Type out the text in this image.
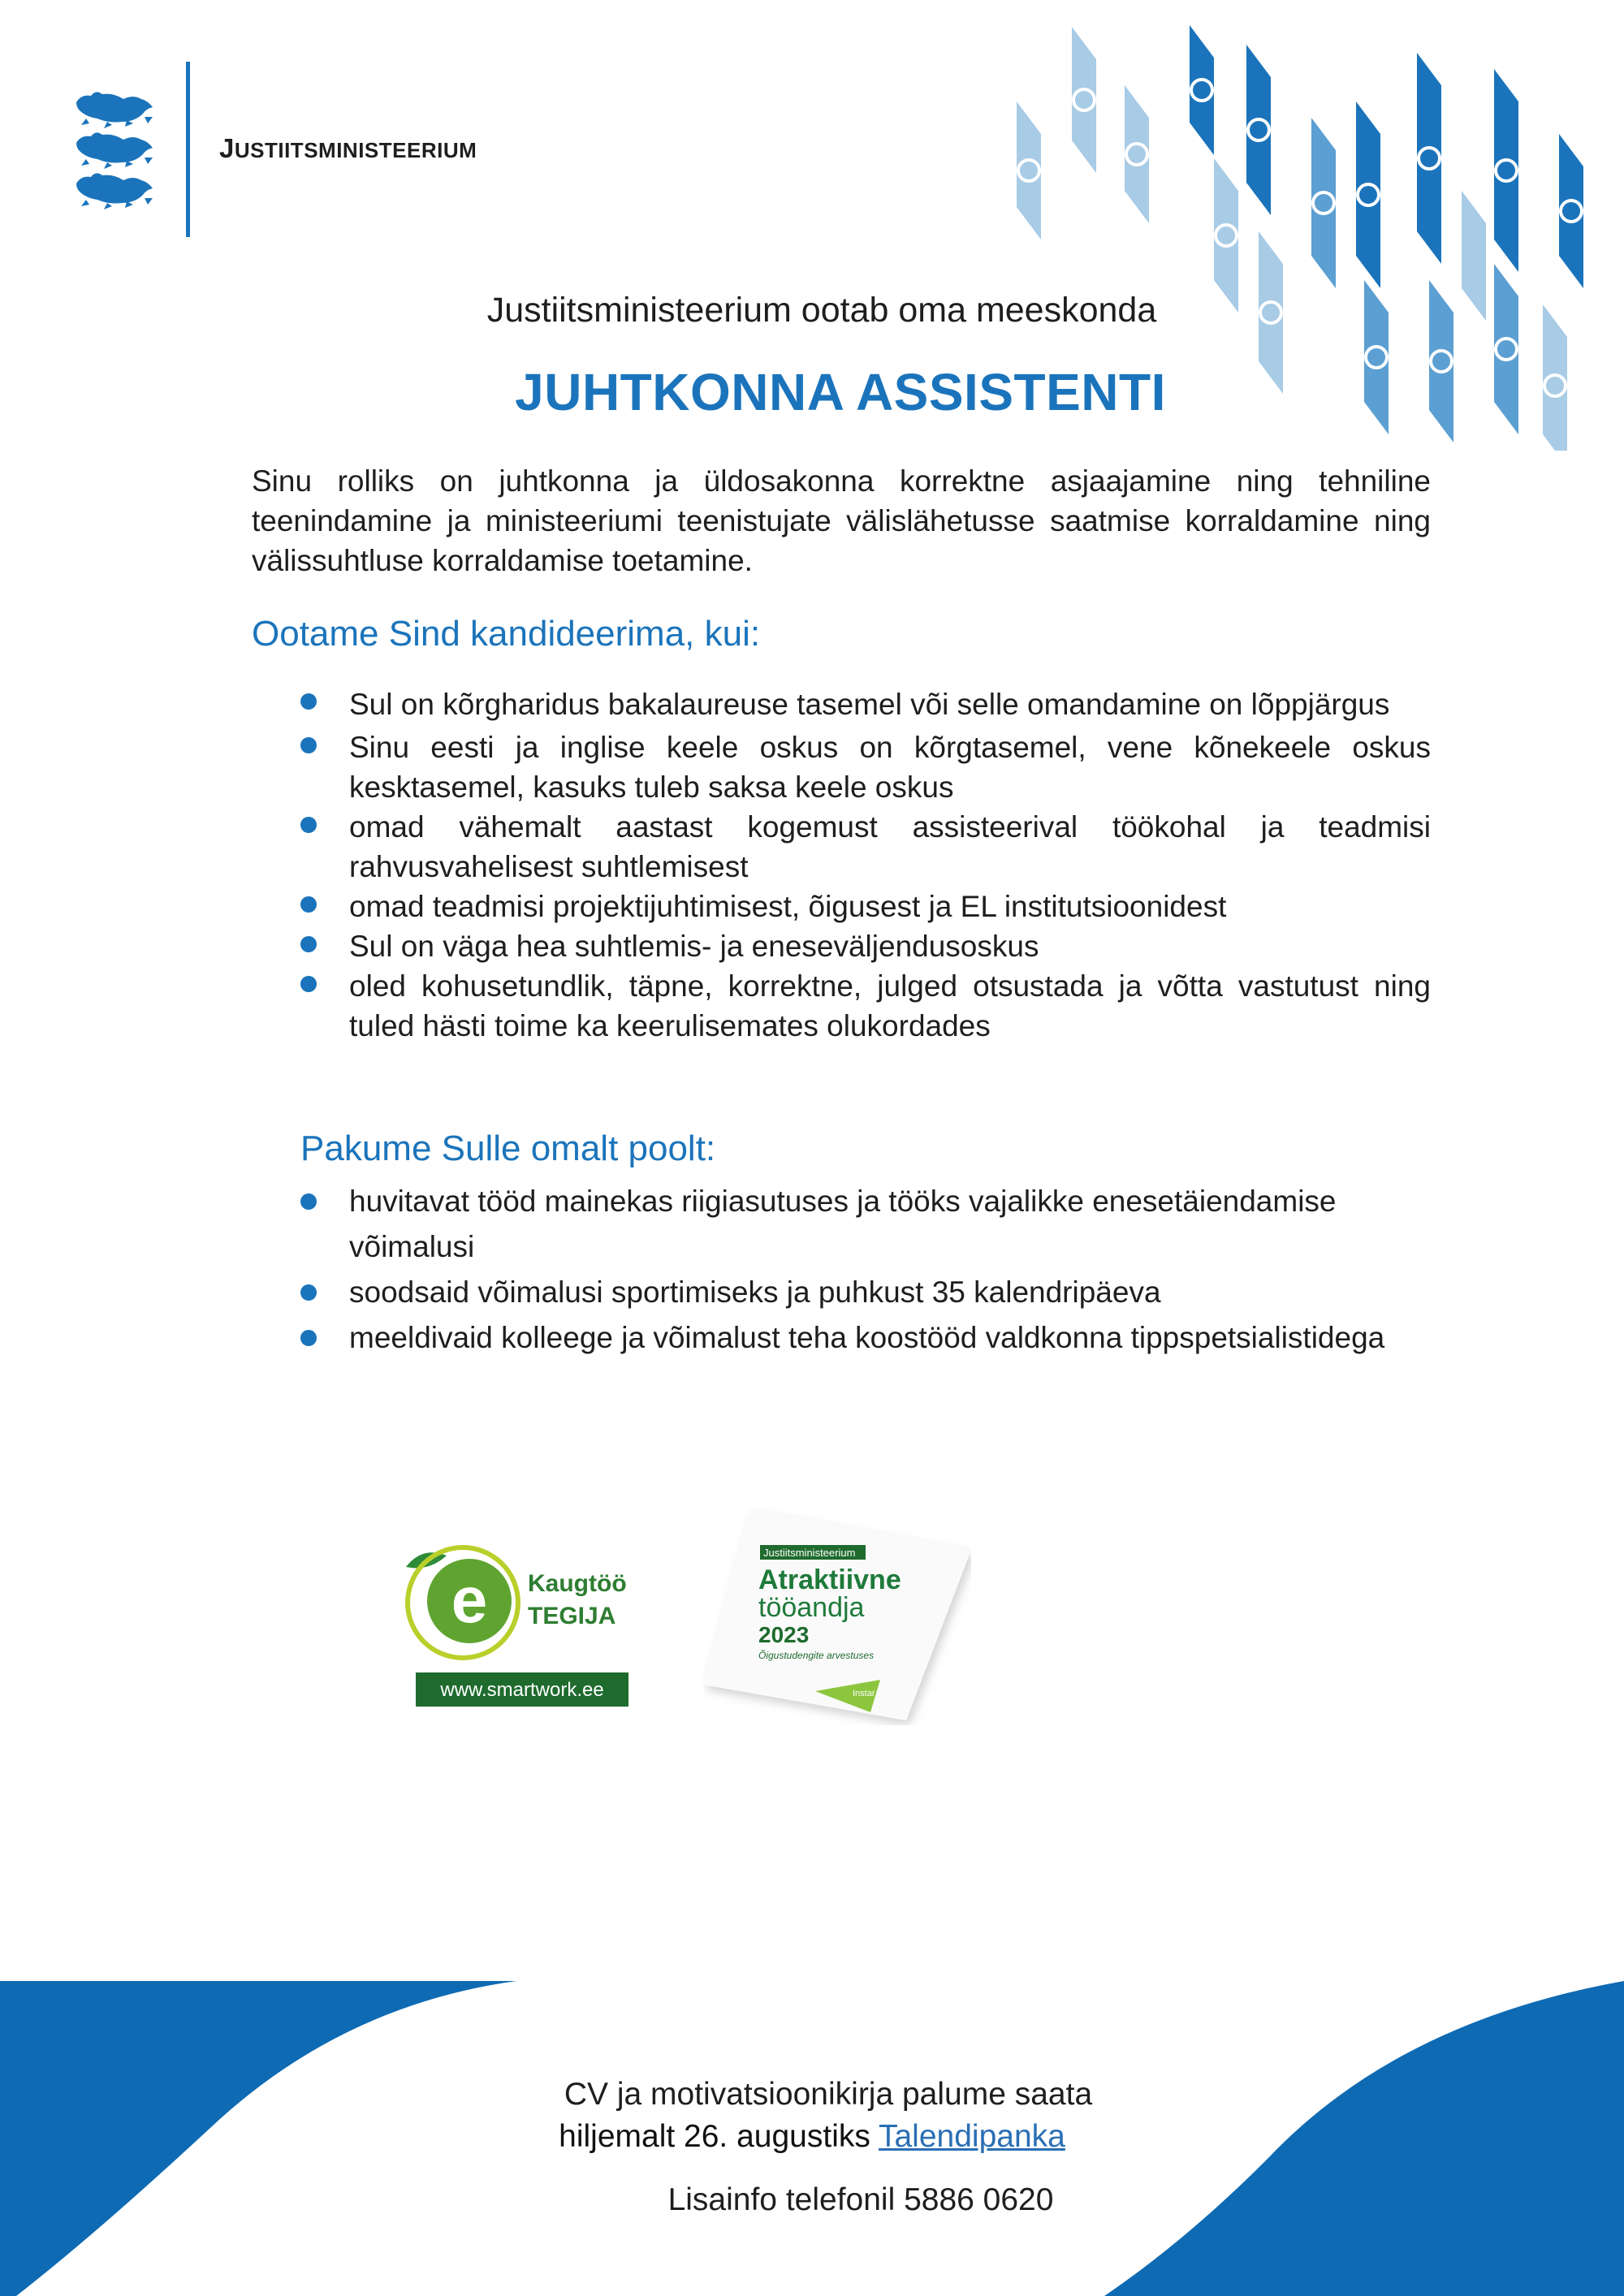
JUSTIITSMINISTEERIUM
Justiitsministeerium ootab oma meeskonda
JUHTKONNA ASSISTENTI
Sinu rolliks on juhtkonna ja üldosakonna korrektne asjaajamine ning tehniline teenindamine ja ministeeriumi teenistujate välislähetusse saatmise korraldamine ning välissuhtluse korraldamise toetamine.
Ootame Sind kandideerima, kui:
Sul on kõrgharidus bakalaureuse tasemel või selle omandamine on lõppjärgus
Sinu eesti ja inglise keele oskus on kõrgtasemel, vene kõnekeele oskus kesktasemel, kasuks tuleb saksa keele oskus
omad vähemalt aastast kogemust assisteerival töökohal ja teadmisi rahvusvahelisest suhtlemisest
omad teadmisi projektijuhtimisest, õigusest ja EL institutsioonidest
Sul on väga hea suhtlemis- ja eneseväljendusoskus
oled kohusetundlik, täpne, korrektne, julged otsustada ja võtta vastutust ning tuled hästi toime ka keerulisemates olukordades
Pakume Sulle omalt poolt:
huvitavat tööd mainekas riigiasutuses ja tööks vajalikke enesetäiendamise võimalusi
soodsaid võimalusi sportimiseks ja puhkust 35 kalendripäeva
meeldivaid kolleege ja võimalust teha koostööd valdkonna tippspetsialistidega
e Kaugtöö
TEGIJA
www.smartwork.ee
Justiitsministeerium
Atraktiivne
tööandja
2023
Õigustudengite arvestuses
Instar
CV ja motivatsioonikirja palume saata
hiljemalt 26. augustiks Talendipanka
Lisainfo telefonil 5886 0620
